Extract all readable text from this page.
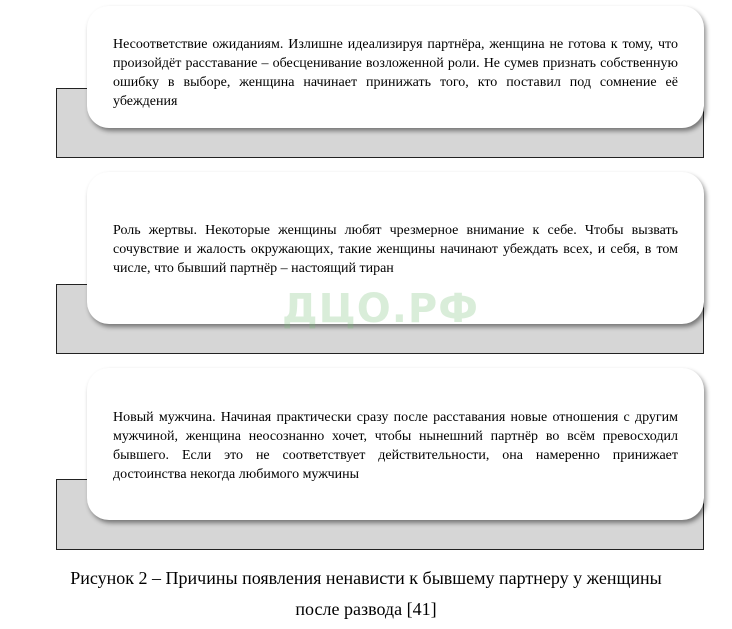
Несоответствие ожиданиям. Излишне идеализируя партнёра, женщина не готова к тому, что произойдёт расставание – обесценивание возложенной роли. Не сумев признать собственную ошибку в выборе, женщина начинает принижать того, кто поставил под сомнение её убеждения
Роль жертвы. Некоторые женщины любят чрезмерное внимание к себе. Чтобы вызвать сочувствие и жалость окружающих, такие женщины начинают убеждать всех, и себя, в том числе, что бывший партнёр – настоящий тиран
Новый мужчина. Начиная практически сразу после расставания новые отношения с другим мужчиной, женщина неосознанно хочет, чтобы нынешний партнёр во всём превосходил бывшего. Если это не соответствует действительности, она намеренно принижает достоинства некогда любимого мужчины
ДЦО.РФ
Рисунок 2 – Причины появления ненависти к бывшему партнеру у женщины
после развода [41]
